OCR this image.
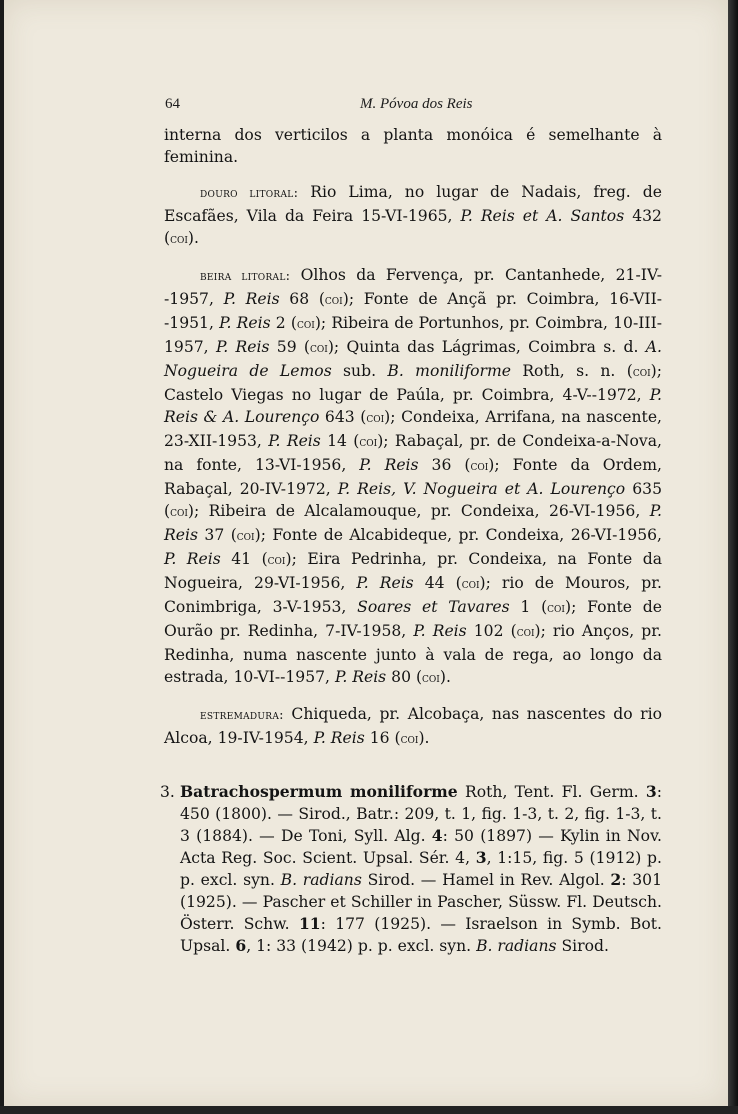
64	M. Póvoa dos Reis

interna dos verticilos a planta monóica é semelhante à feminina.

douro litoral: Rio Lima, no lugar de Nadais, freg. de Escafães, Vila da Feira 15-VI-1965, P. Reis et A. Santos 432 (coi).

beira litoral: Olhos da Fervença, pr. Cantanhede, 21-IV--1957, P. Reis 68 (coi); Fonte de Ançã pr. Coimbra, 16-VII--1951, P. Reis 2 (coi); Ribeira de Portunhos, pr. Coimbra, 10-III-1957, P. Reis 59 (coi); Quinta das Lágrimas, Coimbra s. d. A. Nogueira de Lemos sub. B. moniliforme Roth, s. n. (coi); Castelo Viegas no lugar de Paúla, pr. Coimbra, 4-V--1972, P. Reis & A. Lourenço 643 (coi); Condeixa, Arrifana, na nascente, 23-XII-1953, P. Reis 14 (coi); Rabaçal, pr. de Condeixa-a-Nova, na fonte, 13-VI-1956, P. Reis 36 (coi); Fonte da Ordem, Rabaçal, 20-IV-1972, P. Reis, V. Nogueira et A. Lourenço 635 (coi); Ribeira de Alcalamouque, pr. Condeixa, 26-VI-1956, P. Reis 37 (coi); Fonte de Alcabideque, pr. Condeixa, 26-VI-1956, P. Reis 41 (coi); Eira Pedrinha, pr. Condeixa, na Fonte da Nogueira, 29-VI-1956, P. Reis 44 (coi); rio de Mouros, pr. Conimbriga, 3-V-1953, Soares et Tavares 1 (coi); Fonte de Ourão pr. Redinha, 7-IV-1958, P. Reis 102 (coi); rio Anços, pr. Redinha, numa nascente junto à vala de rega, ao longo da estrada, 10-VI--1957, P. Reis 80 (coi).

estremadura: Chiqueda, pr. Alcobaça, nas nascentes do rio Alcoa, 19-IV-1954, P. Reis 16 (coi).

3. Batrachospermum moniliforme Roth, Tent. Fl. Germ. 3: 450 (1800). — Sirod., Batr.: 209, t. 1, fig. 1-3, t. 2, fig. 1-3, t. 3 (1884). — De Toni, Syll. Alg. 4: 50 (1897) — Kylin in Nov. Acta Reg. Soc. Scient. Upsal. Sér. 4, 3, 1:15, fig. 5 (1912) p. p. excl. syn. B. radians Sirod. — Hamel in Rev. Algol. 2: 301 (1925). — Pascher et Schiller in Pascher, Süssw. Fl. Deutsch. Österr. Schw. 11: 177 (1925). — Israelson in Symb. Bot. Upsal. 6, 1: 33 (1942) p. p. excl. syn. B. radians Sirod.
